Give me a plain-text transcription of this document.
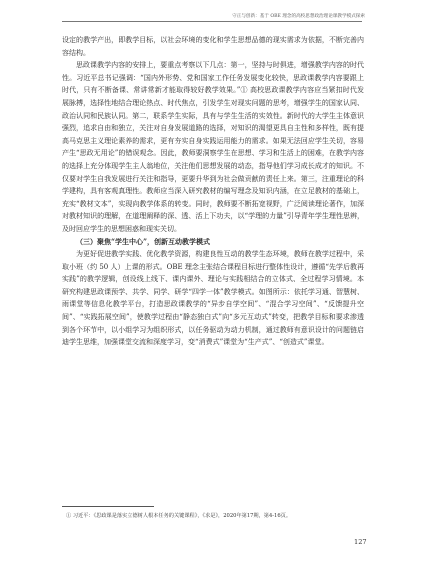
守正与创新：基于 OBE 理念的高校思想政治理论课教学模式探索

设定的教学产出，即教学目标，以社会环境的变化和学生思想品德的现实需求为依据，不断完善内容结构。

思政课教学内容的安排上，要重点考察以下几点：第一，坚持与时俱进，增强教学内容的时代性。习近平总书记强调：“国内外形势、党和国家工作任务发展变化较快，思政课教学内容要跟上时代，只有不断备课、常讲常新才能取得较好教学效果。”① 高校思政课教学内容应当紧扣时代发展脉搏，选择性地结合理论热点、时代焦点，引发学生对现实问题的思考，增强学生的国家认同、政治认同和民族认同。第二，联系学生实际，具有与学生生活的实效性。新时代的大学生主体意识强烈，追求自由和独立，关注对自身发展道路的选择，对知识的渴望更具自主性和多样性，既有提高马克思主义理论素养的需求，更有夯实自身实践运用能力的需求。如果无法回应学生关切，容易产生“思政无用论”的错误观念。因此，教师要洞察学生在思想、学习和生活上的困难，在教学内容的选择上充分体现学生主人翁地位，关注他们思想发展的动态，指导他们学习成长成才的知识。不仅要对学生自我发展进行关注和指导，更要升华到为社会做贡献的责任上来。第三，注重理论的科学建构，具有客观真理性。教师应当深入研究教材的编写理念及知识内涵，在立足教材的基础上，充实“教材文本”，实现向教学体系的转变。同时，教师要不断拓宽视野，广泛阅读理论著作，加深对教材知识的理解，在道理阐释的深、透、活上下功夫，以“学理的力量”引导青年学生理性思辨，及时回应学生的思想困惑和现实关切。

（三）聚焦“学生中心”，创新互动教学模式

为更好促进教学实践、优化教学资源，构建良性互动的教学生态环境，教师在教学过程中，采取小班（约 50 人）上课的形式。OBE 理念主张结合课程目标进行整体性设计，遵循“先学后教再实践”的教学逻辑，创设线上线下、课内课外、理论与实践相结合的立体式、全过程学习情境。本研究构建思政课预学、共学、同学、研学“四学一体”教学模式。如图所示：依托学习通、智慧树、雨课堂等信息化教学平台，打造思政课教学的“异步自学空间”、“混合学习空间”、“反馈提升空间”、“实践拓展空间”，使教学过程由“静态独白式”向“多元互动式”转变，把教学目标和要求渗透到各个环节中，以小组学习为组织形式，以任务驱动为动力机制，通过教师有意识设计的问题链启迪学生思维，加强课堂交流和深度学习，变“消费式”课堂为“生产式”、“创造式”课堂。

① 习近平：《思政课是落实立德树人根本任务的关键课程》，《求是》，2020年第17期，第4-16页。
127
